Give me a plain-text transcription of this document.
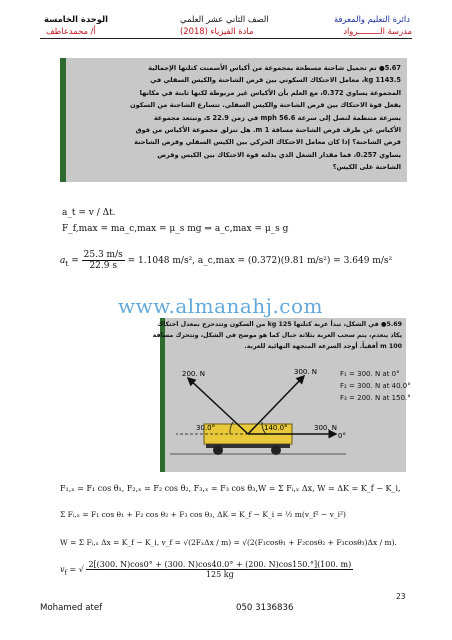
دائرة التعليم والمعرفة
مدرسة الـــــــــرواد
الصف الثاني عشر العلمي
مادة الفيزياء (2018)
الوحدة الخامسة
أ/ محمدعاطف
5.67● تم تحميل شاحنة مسطحة بمجموعة من أكياس الأسمنت كتلتها الإجمالية
1143.5 kg، معامل الاحتكاك السكوني بين قرص الشاحنة والكيس السفلي في
المجموعة يساوي 0.372، مع العلم بأن الأكياس غير مربوطة لكنها ثابتة في مكانها
بفعل قوة الاحتكاك بين قرص الشاحنة والكيس السفلي. تتسارع الشاحنة من السكون
بسرعة متنظمة لتصل إلى سرعة 56.6 mph في زمن 22.9 s، وتبتعد مجموعة
الأكياس عن طرف قرص الشاحنة مسافة 1 m. هل تنزلق مجموعة الأكياس من فوق
قرص الشاحنة؟ إذا كان معامل الاحتكاك الحركي بين الكيس السفلي وقرص الشاحنة
يساوي 0.257، فما مقدار الشغل الذي بذلته قوة الاحتكاك بين الكيس وقرص
الشاحنة على الكيس؟
a_t = v / Δt.
F_f,max = ma_c,max = μ_s mg ⇒ a_c,max = μ_s g
$a_t = \frac{25.3 m/s}{22.9 s} = 1.1048$ m/s², a_c,max = (0.372)(9.81 m/s²) = 3.649 m/s²
www.almanahj.com
5.69● في الشكل، تبدأ عربة كتلتها 125 kg من السكون وتتدحرج بمعدل احتكاك
يكاد ينعدم، يتم سحب العربة بثلاثة حبال كما هو موضح في الشكل، وتتحرك مسافة
100 m أفقياً. أوجد السرعة المتجهة النهائية للعربة.
200. N	300. N
300. N
30.0°	140.0°
0°
F₁ = 300. N at 0°
F₂ = 300. N at 40.0°
F₃ = 200. N at 150.°
F₁,ₓ = F₁ cos θ₁, F₂,ₓ = F₂ cos θ₂, F₃,ₓ = F₃ cos θ₃, W = Σ Fᵢ,ₓ Δx, W = ΔK = K_f − K_i,
Σ Fᵢ,ₓ = F₁ cos θ₁ + F₂ cos θ₂ + F₃ cos θ₃, ΔK = K_f − K_i = ½ m(v_f² − v_i²)
W = Σ Fᵢ,ₓ Δx = K_f − K_i, v_f = √(2FₓΔx / m) = √(2(F₁cosθ₁ + F₂cosθ₂ + F₃cosθ₃)Δx / m).
$v_f$ = √ 2[(300. N)cos0° + (300. N)cos40.0° + (200. N)cos150.°](100. m)
125 kg
23
Mohamed atef	050 3136836
